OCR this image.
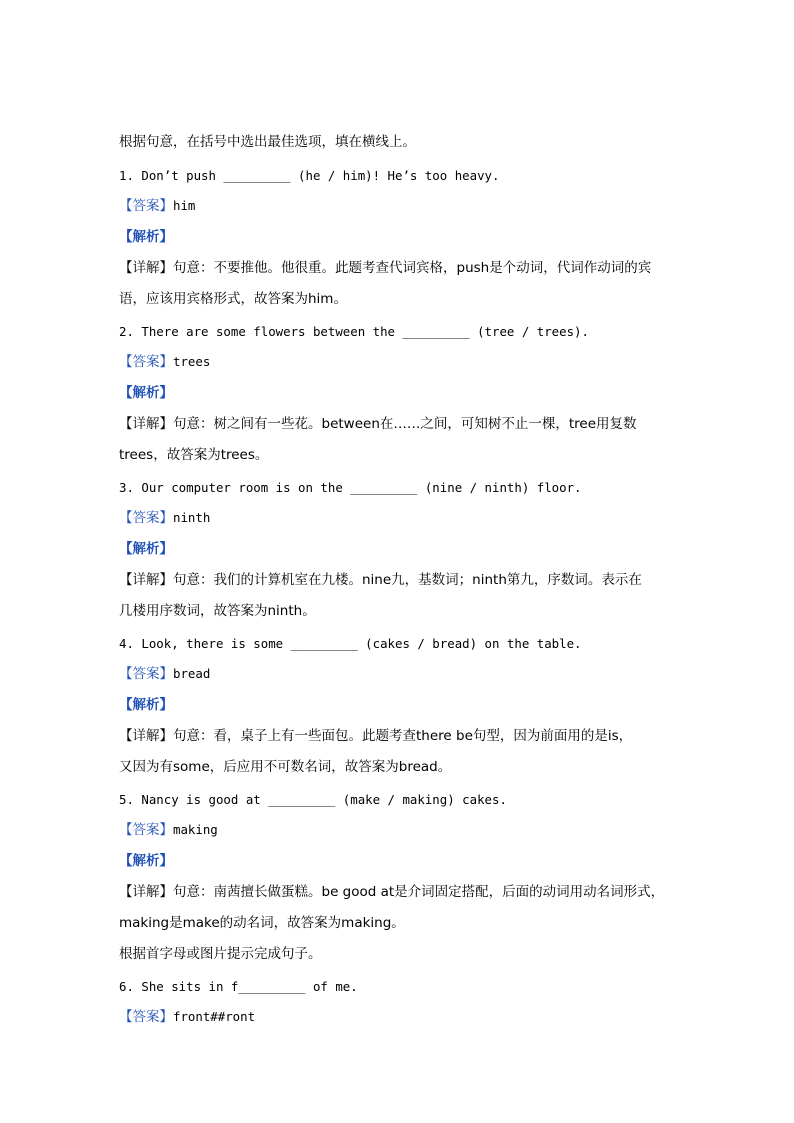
根据句意，在括号中选出最佳选项，填在横线上。
1. Don’t push _________ (he / him)! He’s too heavy.
【答案】him
【解析】
【详解】句意：不要推他。他很重。此题考查代词宾格，push是个动词，代词作动词的宾
语，应该用宾格形式，故答案为him。
2. There are some flowers between the _________ (tree / trees).
【答案】trees
【解析】
【详解】句意：树之间有一些花。between在……之间，可知树不止一棵，tree用复数
trees，故答案为trees。
3. Our computer room is on the _________ (nine / ninth) floor.
【答案】ninth
【解析】
【详解】句意：我们的计算机室在九楼。nine九，基数词；ninth第九，序数词。表示在
几楼用序数词，故答案为ninth。
4. Look, there is some _________ (cakes / bread) on the table.
【答案】bread
【解析】
【详解】句意：看，桌子上有一些面包。此题考查there be句型，因为前面用的是is，
又因为有some，后应用不可数名词，故答案为bread。
5. Nancy is good at _________ (make / making) cakes.
【答案】making
【解析】
【详解】句意：南茜擅长做蛋糕。be good at是介词固定搭配，后面的动词用动名词形式，
making是make的动名词，故答案为making。
根据首字母或图片提示完成句子。
6. She sits in f_________ of me.
【答案】front##ront
